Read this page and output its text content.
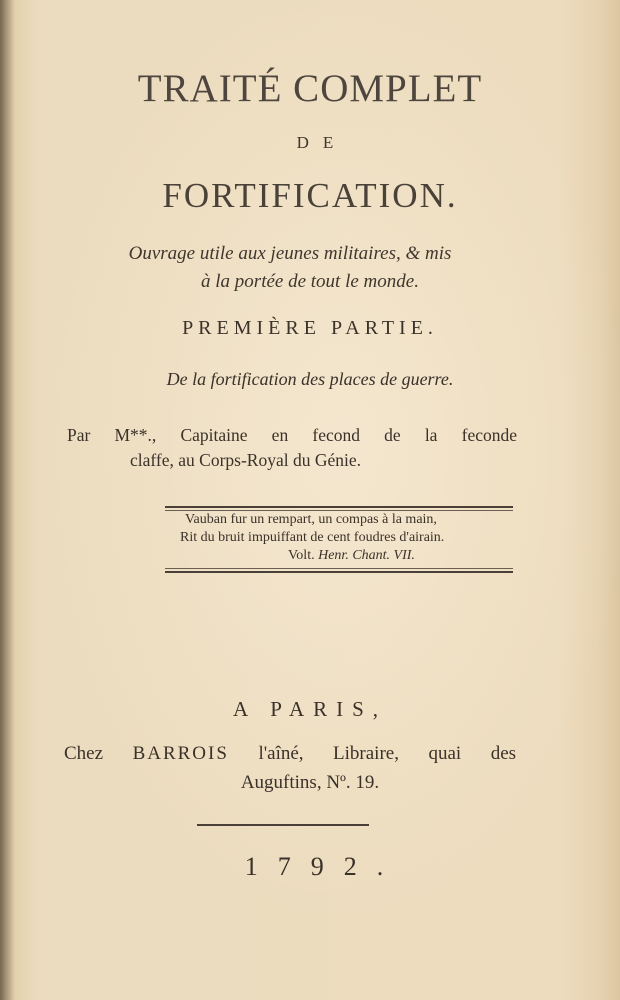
TRAITÉ COMPLET
DE
FORTIFICATION.
Ouvrage utile aux jeunes militaires, & mis
à la portée de tout le monde.
PREMIÈRE PARTIE.
De la fortification des places de guerre.
Par M**., Capitaine en fecond de la feconde
claffe, au Corps-Royal du Génie.
Vauban fur un rempart, un compas à la main,
Rit du bruit impuiffant de cent foudres d'airain.
Volt. Henr. Chant. VII.
A PARIS,
Chez BARROIS l'aîné, Libraire, quai des
Auguftins, Nº. 19.
1792.
